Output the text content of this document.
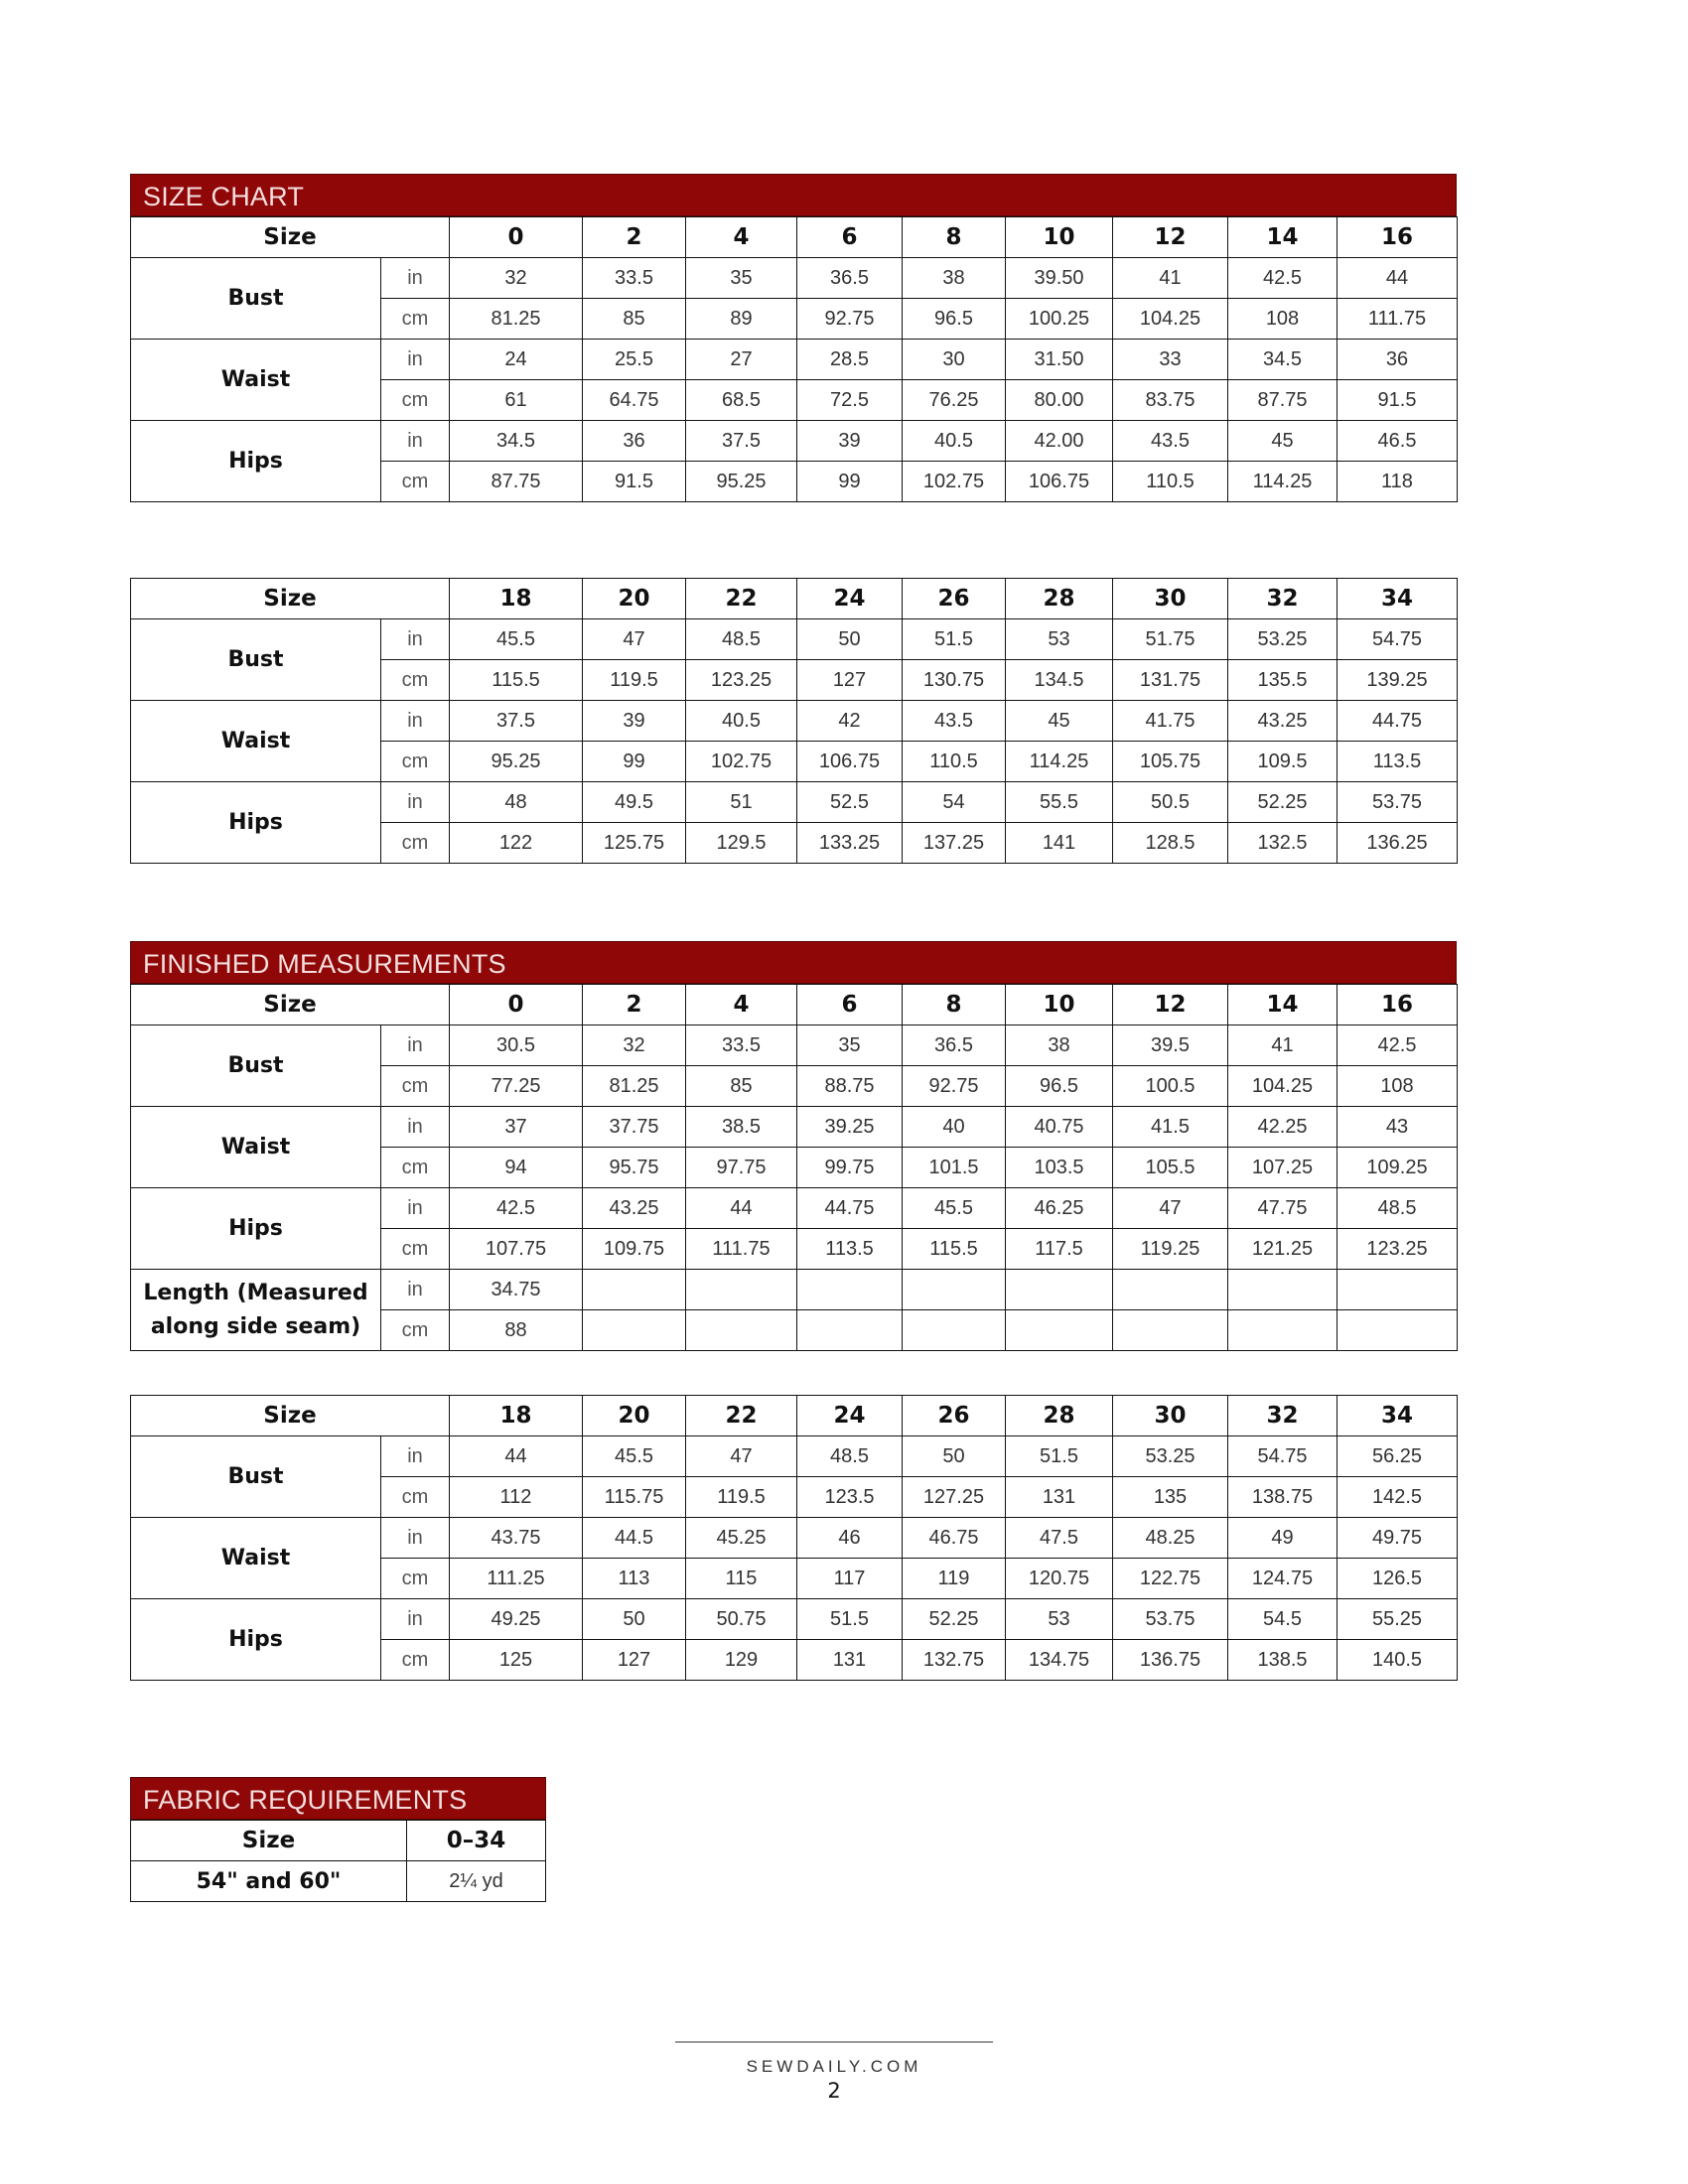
SIZE CHART
Size		0	2	4	6	8	10	12	14	16
Bust	in	32	33.5	35	36.5	38	39.50	41	42.5	44
	cm	81.25	85	89	92.75	96.5	100.25	104.25	108	111.75
Waist	in	24	25.5	27	28.5	30	31.50	33	34.5	36
	cm	61	64.75	68.5	72.5	76.25	80.00	83.75	87.75	91.5
Hips	in	34.5	36	37.5	39	40.5	42.00	43.5	45	46.5
	cm	87.75	91.5	95.25	99	102.75	106.75	110.5	114.25	118
Size		18	20	22	24	26	28	30	32	34
Bust	in	45.5	47	48.5	50	51.5	53	51.75	53.25	54.75
	cm	115.5	119.5	123.25	127	130.75	134.5	131.75	135.5	139.25
Waist	in	37.5	39	40.5	42	43.5	45	41.75	43.25	44.75
	cm	95.25	99	102.75	106.75	110.5	114.25	105.75	109.5	113.5
Hips	in	48	49.5	51	52.5	54	55.5	50.5	52.25	53.75
	cm	122	125.75	129.5	133.25	137.25	141	128.5	132.5	136.25
FINISHED MEASUREMENTS
Size		0	2	4	6	8	10	12	14	16
Bust	in	30.5	32	33.5	35	36.5	38	39.5	41	42.5
	cm	77.25	81.25	85	88.75	92.75	96.5	100.5	104.25	108
Waist	in	37	37.75	38.5	39.25	40	40.75	41.5	42.25	43
	cm	94	95.75	97.75	99.75	101.5	103.5	105.5	107.25	109.25
Hips	in	42.5	43.25	44	44.75	45.5	46.25	47	47.75	48.5
	cm	107.75	109.75	111.75	113.5	115.5	117.5	119.25	121.25	123.25
Length (Measured along side seam)	in	34.75								
	cm	88								
Size		18	20	22	24	26	28	30	32	34
Bust	in	44	45.5	47	48.5	50	51.5	53.25	54.75	56.25
	cm	112	115.75	119.5	123.5	127.25	131	135	138.75	142.5
Waist	in	43.75	44.5	45.25	46	46.75	47.5	48.25	49	49.75
	cm	111.25	113	115	117	119	120.75	122.75	124.75	126.5
Hips	in	49.25	50	50.75	51.5	52.25	53	53.75	54.5	55.25
	cm	125	127	129	131	132.75	134.75	136.75	138.5	140.5
FABRIC REQUIREMENTS
Size	0–34
54" and 60"	2¼ yd
SEWDAILY.COM
2
